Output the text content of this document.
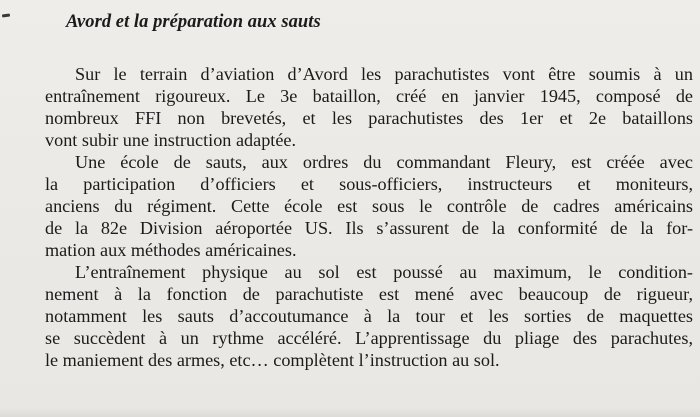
Avord et la préparation aux sauts
Sur le terrain d’aviation d’Avord les parachutistes vont être soumis à un
entraînement rigoureux. Le 3e bataillon, créé en janvier 1945, composé de
nombreux FFI non brevetés, et les parachutistes des 1er et 2e bataillons
vont subir une instruction adaptée.
Une école de sauts, aux ordres du commandant Fleury, est créée avec
la participation d’officiers et sous-officiers, instructeurs et moniteurs,
anciens du régiment. Cette école est sous le contrôle de cadres américains
de la 82e Division aéroportée US. Ils s’assurent de la conformité de la for-
mation aux méthodes américaines.
L’entraînement physique au sol est poussé au maximum, le condition-
nement à la fonction de parachutiste est mené avec beaucoup de rigueur,
notamment les sauts d’accoutumance à la tour et les sorties de maquettes
se succèdent à un rythme accéléré. L’apprentissage du pliage des parachutes,
le maniement des armes, etc… complètent l’instruction au sol.
